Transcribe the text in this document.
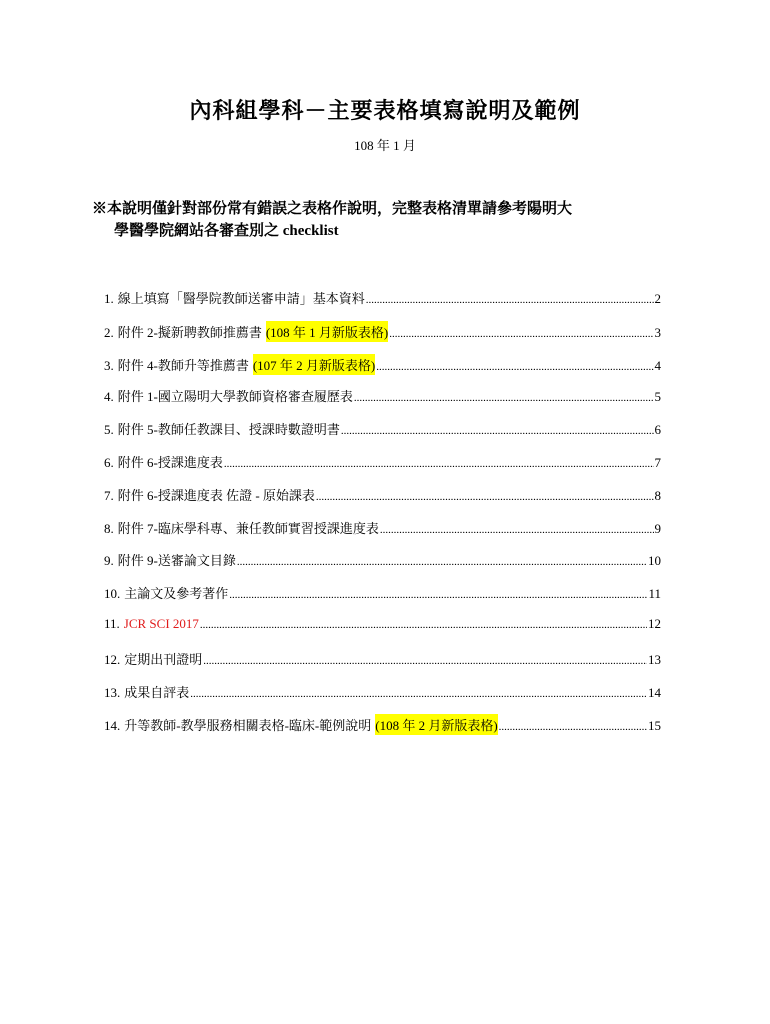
內科組學科－主要表格填寫說明及範例
108 年 1 月
※本說明僅針對部份常有錯誤之表格作說明，完整表格清單請參考陽明大
學醫學院網站各審查別之 checklist
1. 線上填寫「醫學院教師送審申請」基本資料 .....	2
2. 附件 2-擬新聘教師推薦書 (108 年 1 月新版表格) .....	3
3. 附件 4-教師升等推薦書 (107 年 2 月新版表格) .....	4
4. 附件 1-國立陽明大學教師資格審查履歷表 .....	5
5. 附件 5-教師任教課目、授課時數證明書 .....	6
6. 附件 6-授課進度表 .....	7
7. 附件 6-授課進度表 佐證 - 原始課表 .....	8
8. 附件 7-臨床學科專、兼任教師實習授課進度表 .....	9
9. 附件 9-送審論文目錄 .....	10
10. 主論文及參考著作 .....	11
11. JCR SCI 2017 .....	12
12. 定期出刊證明 .....	13
13. 成果自評表 .....	14
14. 升等教師-教學服務相關表格-臨床-範例說明 (108 年 2 月新版表格) .....	15
